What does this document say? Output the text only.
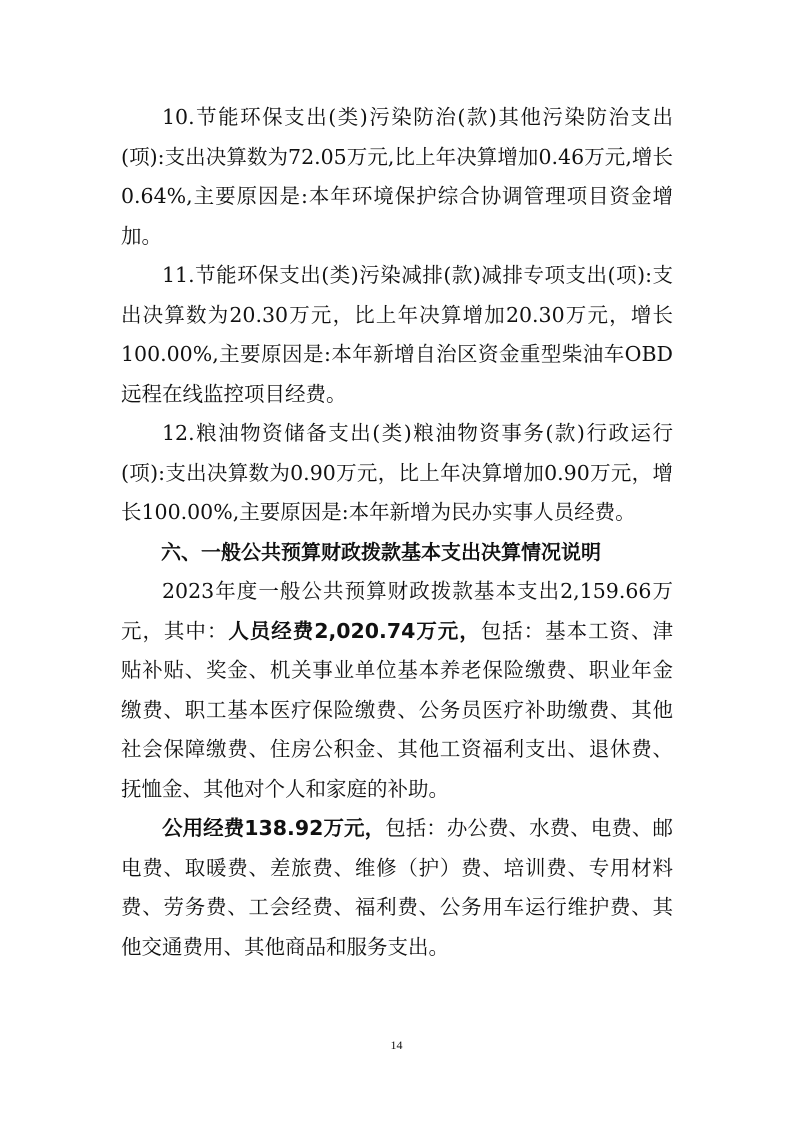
10.节能环保支出(类)污染防治(款)其他污染防治支出(项):支出决算数为72.05万元,比上年决算增加0.46万元,增长0.64%,主要原因是:本年环境保护综合协调管理项目资金增加。

11.节能环保支出(类)污染减排(款)减排专项支出(项):支出决算数为20.30万元，比上年决算增加20.30万元，增长100.00%,主要原因是:本年新增自治区资金重型柴油车OBD远程在线监控项目经费。

12.粮油物资储备支出(类)粮油物资事务(款)行政运行(项):支出决算数为0.90万元，比上年决算增加0.90万元，增长100.00%,主要原因是:本年新增为民办实事人员经费。

六、一般公共预算财政拨款基本支出决算情况说明

2023年度一般公共预算财政拨款基本支出2,159.66万元，其中：人员经费2,020.74万元，包括：基本工资、津贴补贴、奖金、机关事业单位基本养老保险缴费、职业年金缴费、职工基本医疗保险缴费、公务员医疗补助缴费、其他社会保障缴费、住房公积金、其他工资福利支出、退休费、抚恤金、其他对个人和家庭的补助。

公用经费138.92万元，包括：办公费、水费、电费、邮电费、取暖费、差旅费、维修（护）费、培训费、专用材料费、劳务费、工会经费、福利费、公务用车运行维护费、其他交通费用、其他商品和服务支出。

14
